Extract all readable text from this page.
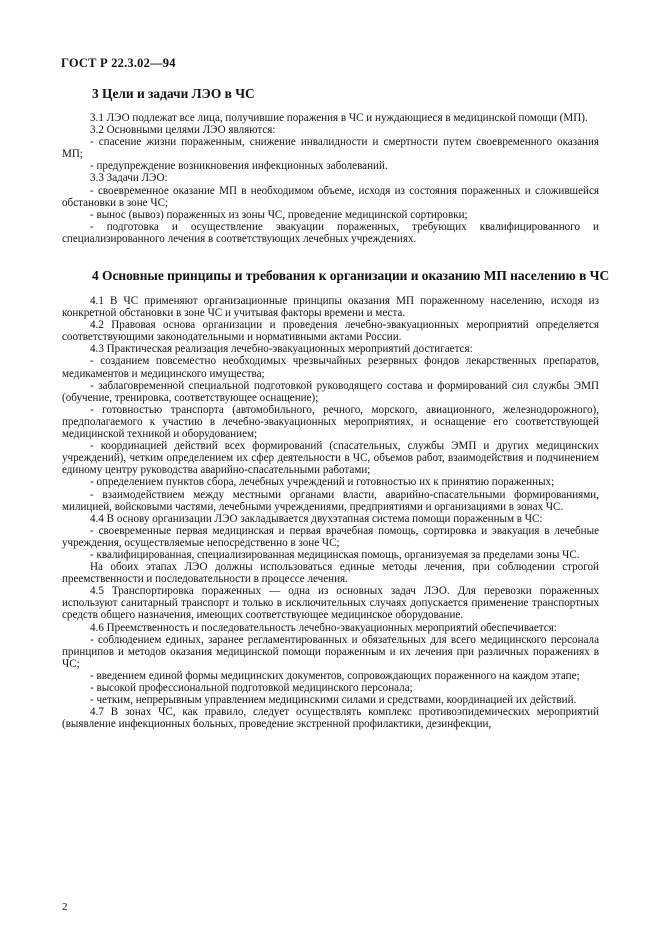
ГОСТ Р 22.3.02—94
3 Цели и задачи ЛЭО в ЧС

3.1 ЛЭО подлежат все лица, получившие поражения в ЧС и нуждающиеся в медицинской помощи (МП).

3.2 Основными целями ЛЭО являются:

- спасение жизни пораженным, снижение инвалидности и смертности путем своевременного оказания МП;

- предупреждение возникновения инфекционных заболеваний.

3.3 Задачи ЛЭО:

- своевременное оказание МП в необходимом объеме, исходя из состояния пораженных и сложившейся обстановки в зоне ЧС;

- вынос (вывоз) пораженных из зоны ЧС, проведение медицинской сортировки;

- подготовка и осуществление эвакуации пораженных, требующих квалифицированного и специализированного лечения в соответствующих лечебных учреждениях.

4 Основные принципы и требования к организации и оказанию МП населению в ЧС

4.1 В ЧС применяют организационные принципы оказания МП пораженному населению, исходя из конкретной обстановки в зоне ЧС и учитывая факторы времени и места.

4.2 Правовая основа организации и проведения лечебно-эвакуационных мероприятий определяется соответствующими законодательными и нормативными актами России.

4.3 Практическая реализация лечебно-эвакуационных мероприятий достигается:

- созданием повсеместно необходимых чрезвычайных резервных фондов лекарственных препаратов, медикаментов и медицинского имущества;

- заблаговременной специальной подготовкой руководящего состава и формирований сил службы ЭМП (обучение, тренировка, соответствующее оснащение);

- готовностью транспорта (автомобильного, речного, морского, авиационного, железнодорожного), предполагаемого к участию в лечебно-эвакуационных мероприятиях, и оснащение его соответствующей медицинской техникой и оборудованием;

- координацией действий всех формирований (спасательных, службы ЭМП и других медицинских учреждений), четким определением их сфер деятельности в ЧС, объемов работ, взаимодействия и подчинением единому центру руководства аварийно-спасательными работами;

- определением пунктов сбора, лечебных учреждений и готовностью их к принятию пораженных;

- взаимодействием между местными органами власти, аварийно-спасательными формированиями, милицией, войсковыми частями, лечебными учреждениями, предприятиями и организациями в зонах ЧС.

4.4 В основу организации ЛЭО закладывается двухэтапная система помощи пораженным в ЧС:

- своевременные первая медицинская и первая врачебная помощь, сортировка и эвакуация в лечебные учреждения, осуществляемые непосредственно в зоне ЧС;

- квалифицированная, специализированная медицинская помощь, организуемая за пределами зоны ЧС.

На обоих этапах ЛЭО должны использоваться единые методы лечения, при соблюдении строгой преемственности и последовательности в процессе лечения.

4.5 Транспортировка пораженных — одна из основных задач ЛЭО. Для перевозки пораженных используют санитарный транспорт и только в исключительных случаях допускается применение транспортных средств общего назначения, имеющих соответствующее медицинское оборудование.

4.6 Преемственность и последовательность лечебно-эвакуационных мероприятий обеспечивается:

- соблюдением единых, заранее регламентированных и обязательных для всего медицинского персонала принципов и методов оказания медицинской помощи пораженным и их лечения при различных поражениях в ЧС;

- введением единой формы медицинских документов, сопровождающих пораженного на каждом этапе;

- высокой профессиональной подготовкой медицинского персонала;

- четким, непрерывным управлением медицинскими силами и средствами, координацией их действий.

4.7 В зонах ЧС, как правило, следует осуществлять комплекс противоэпидемических мероприятий (выявление инфекционных больных, проведение экстренной профилактики, дезинфекции,

2
